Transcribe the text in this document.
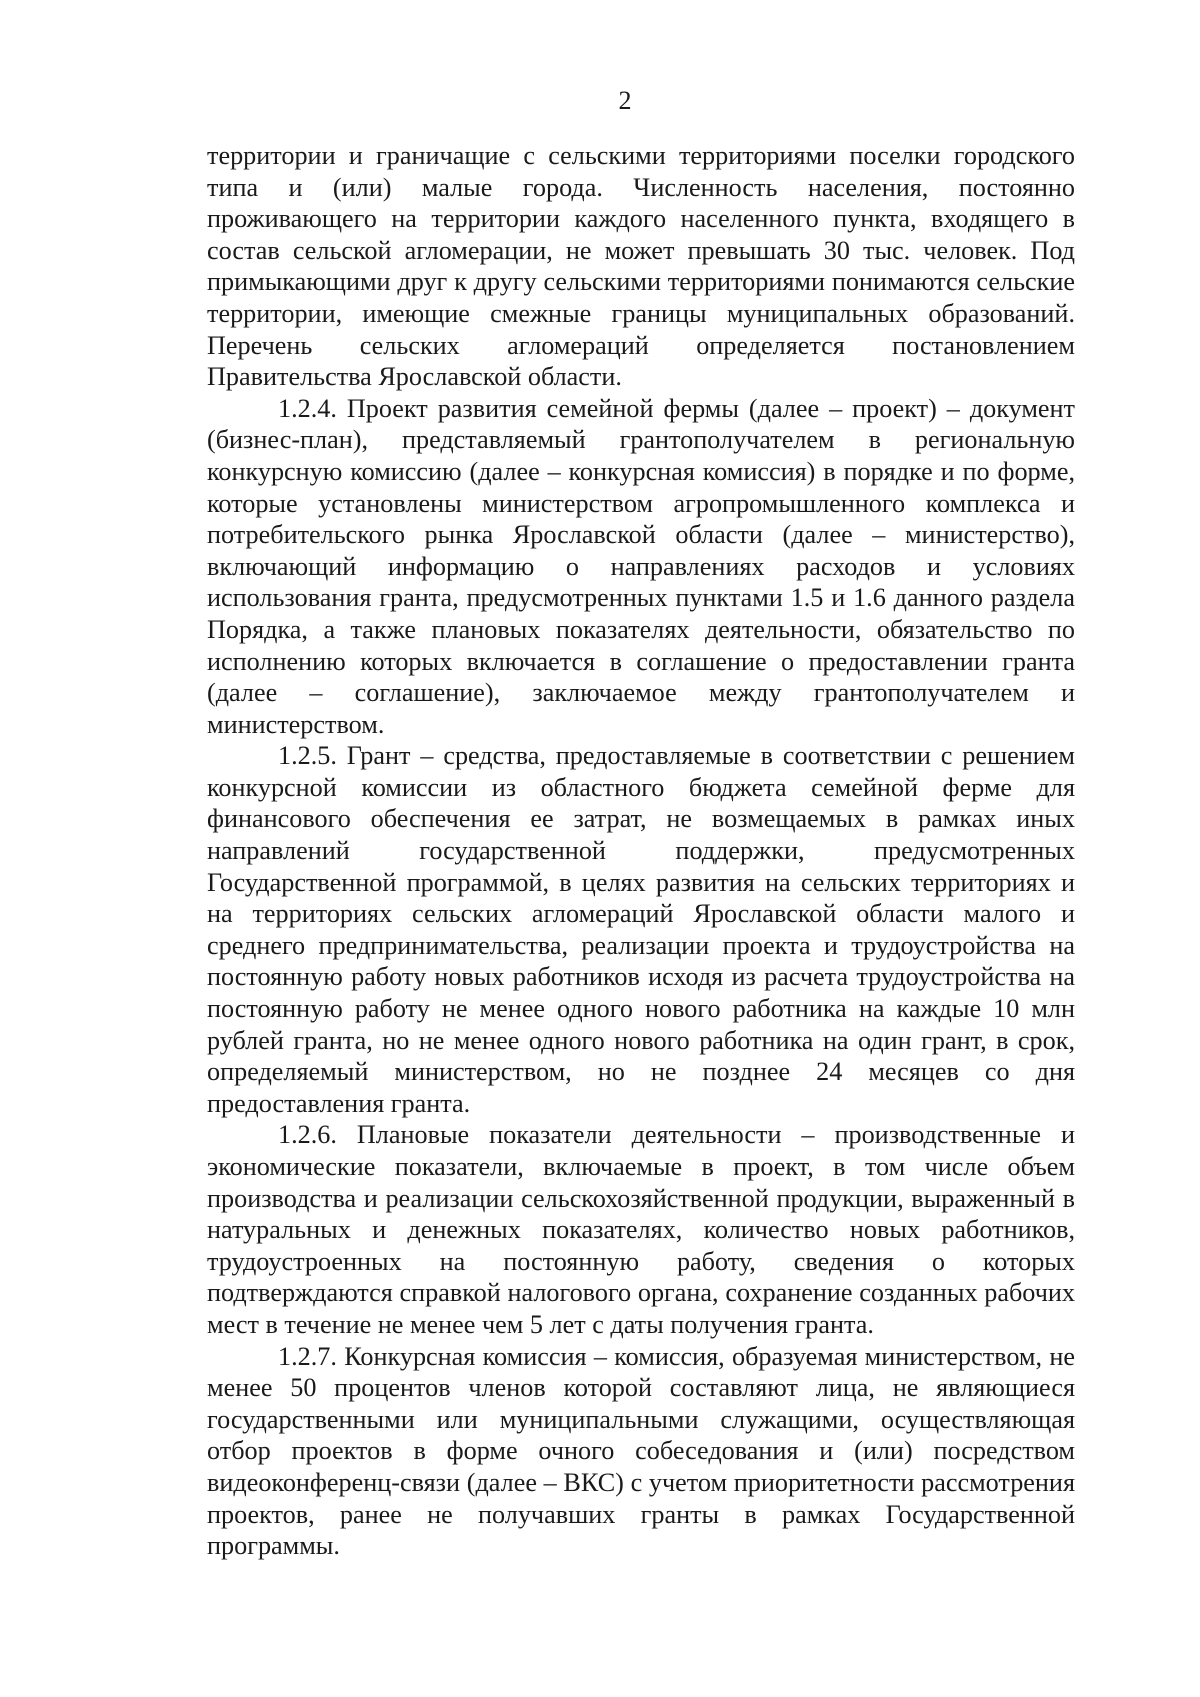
2

территории и граничащие с сельскими территориями поселки городского типа и (или) малые города. Численность населения, постоянно проживающего на территории каждого населенного пункта, входящего в состав сельской агломерации, не может превышать 30 тыс. человек. Под примыкающими друг к другу сельскими территориями понимаются сельские территории, имеющие смежные границы муниципальных образований. Перечень сельских агломераций определяется постановлением Правительства Ярославской области.

1.2.4. Проект развития семейной фермы (далее – проект) – документ (бизнес-план), представляемый грантополучателем в региональную конкурсную комиссию (далее – конкурсная комиссия) в порядке и по форме, которые установлены министерством агропромышленного комплекса и потребительского рынка Ярославской области (далее – министерство), включающий информацию о направлениях расходов и условиях использования гранта, предусмотренных пунктами 1.5 и 1.6 данного раздела Порядка, а также плановых показателях деятельности, обязательство по исполнению которых включается в соглашение о предоставлении гранта (далее – соглашение), заключаемое между грантополучателем и министерством.

1.2.5. Грант – средства, предоставляемые в соответствии с решением конкурсной комиссии из областного бюджета семейной ферме для финансового обеспечения ее затрат, не возмещаемых в рамках иных направлений государственной поддержки, предусмотренных Государственной программой, в целях развития на сельских территориях и на территориях сельских агломераций Ярославской области малого и среднего предпринимательства, реализации проекта и трудоустройства на постоянную работу новых работников исходя из расчета трудоустройства на постоянную работу не менее одного нового работника на каждые 10 млн рублей гранта, но не менее одного нового работника на один грант, в срок, определяемый министерством, но не позднее 24 месяцев со дня предоставления гранта.

1.2.6. Плановые показатели деятельности – производственные и экономические показатели, включаемые в проект, в том числе объем производства и реализации сельскохозяйственной продукции, выраженный в натуральных и денежных показателях, количество новых работников, трудоустроенных на постоянную работу, сведения о которых подтверждаются справкой налогового органа, сохранение созданных рабочих мест в течение не менее чем 5 лет с даты получения гранта.

1.2.7. Конкурсная комиссия – комиссия, образуемая министерством, не менее 50 процентов членов которой составляют лица, не являющиеся государственными или муниципальными служащими, осуществляющая отбор проектов в форме очного собеседования и (или) посредством видеоконференц-связи (далее – ВКС) с учетом приоритетности рассмотрения проектов, ранее не получавших гранты в рамках Государственной программы.
